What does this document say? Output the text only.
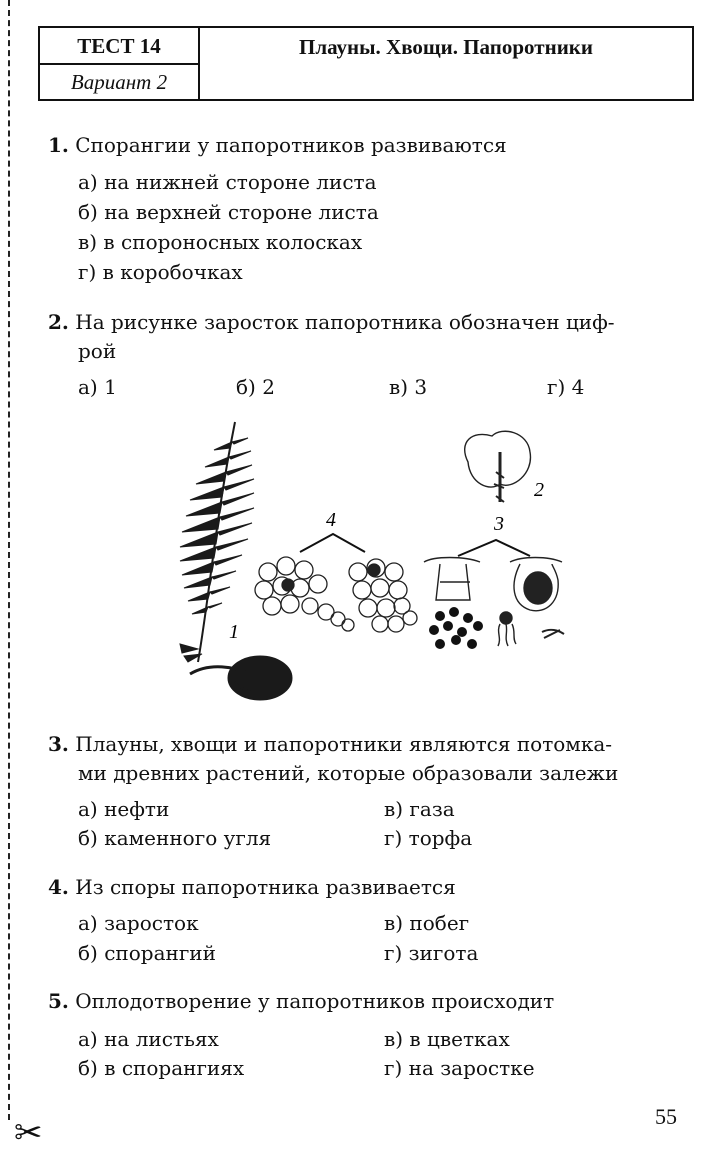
✂
ТЕСТ 14
Вариант 2
Плауны. Хвощи. Папоротники
1. Спорангии у папоротников развиваются
а) на нижней стороне листа
б) на верхней стороне листа
в) в спороносных колосках
г) в коробочках
2. На рисунке заросток папоротника обозначен циф-
рой
а) 1	б) 2	в) 3	г) 4
1
4
2
3
3. Плауны, хвощи и папоротники являются потомка-
ми древних растений, которые образовали залежи
а) нефти	в) газа
б) каменного угля	г) торфа
4. Из споры папоротника развивается
а) заросток	в) побег
б) спорангий	г) зигота
5. Оплодотворение у папоротников происходит
а) на листьях	в) в цветках
б) в спорангиях	г) на заростке
55
